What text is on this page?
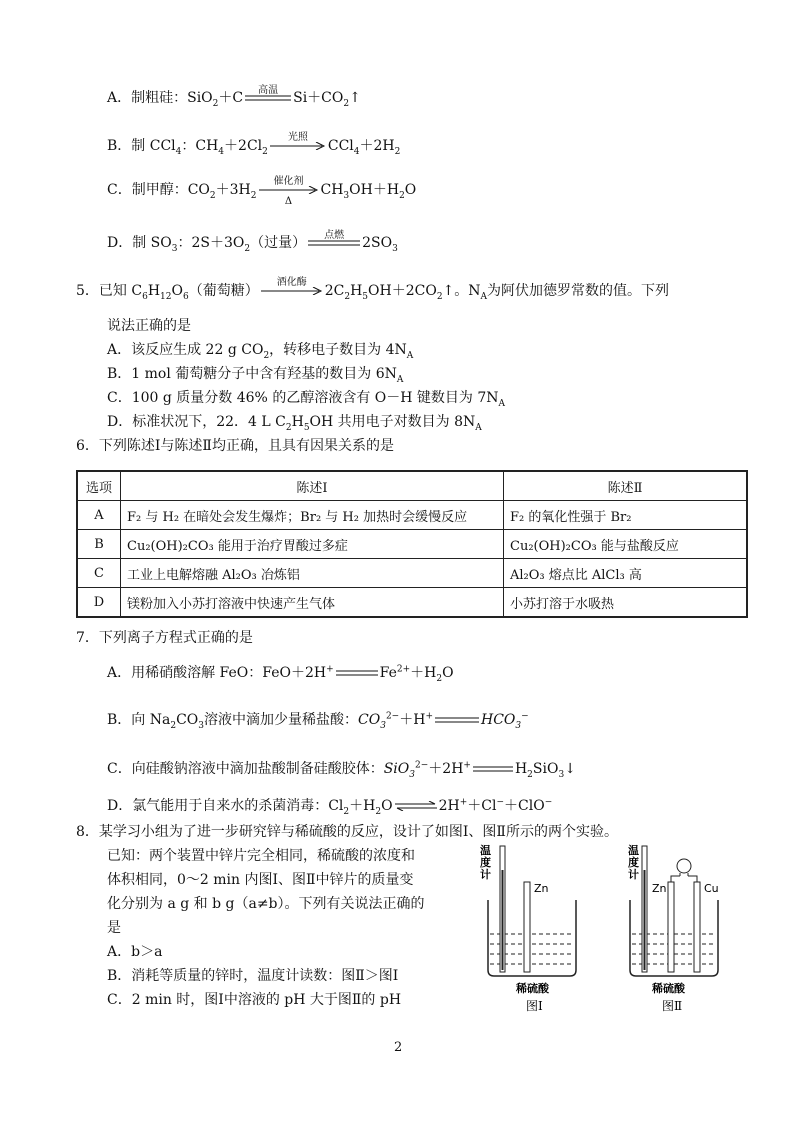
A．制粗硅：SiO$_2$＋C	高温	$Si+CO_2↑$
B．制 CCl$_4$：$CH_4+2Cl_2$
光照
$CCl_4+2H_2$
C．制甲醇：$CO_2+3H_2$
催化剂
Δ
$CH_3OH+H_2O$
D．制 $SO_3$：$2S+3O_2$（过量）	点燃	$2SO_3$
5．已知 $C_6H_{12}O_6$（葡萄糖）
酒化酶
$2C_2H_5OH+2CO_2↑$。$N_A$为阿伏加德罗常数的值。下列
说法正确的是
A．该反应生成 22 g $CO_2$，转移电子数目为 $4N_A$
B．1 mol 葡萄糖分子中含有羟基的数目为 $6N_A$
C．100 g 质量分数 46% 的乙醇溶液含有 O－H 键数目为 $7N_A$
D．标准状况下，22．4 L $C_2H_5OH$ 共用电子对数目为 $8N_A$
6．下列陈述Ⅰ与陈述Ⅱ均正确，且具有因果关系的是
选项	陈述Ⅰ	陈述Ⅱ
A	F₂ 与 H₂ 在暗处会发生爆炸；Br₂ 与 H₂ 加热时会缓慢反应	F₂ 的氧化性强于 Br₂
B	Cu₂(OH)₂CO₃ 能用于治疗胃酸过多症	Cu₂(OH)₂CO₃ 能与盐酸反应
C	工业上电解熔融 Al₂O₃ 冶炼铝	Al₂O₃ 熔点比 AlCl₃ 高
D	镁粉加入小苏打溶液中快速产生气体	小苏打溶于水吸热
7．下列离子方程式正确的是
A．用稀硝酸溶解 FeO：FeO＋2H+	$Fe^{2+}+H_2O$
B．向 $Na_2CO_3$溶液中滴加少量稀盐酸：$CO_3^{2-}+H^+$	$HCO_3^-$
C．向硅酸钠溶液中滴加盐酸制备硅酸胶体：SiO$_3^{2-}$＋2H+	$H_2SiO_3↓$
D．氯气能用于自来水的杀菌消毒：$Cl_2+H_2O$ ⇌ 2H+＋Cl−＋ClO−
8．某学习小组为了进一步研究锌与稀硫酸的反应，设计了如图Ⅰ、图Ⅱ所示的两个实验。
已知：两个装置中锌片完全相同，稀硫酸的浓度和
体积相同，0～2 min 内图Ⅰ、图Ⅱ中锌片的质量变
化分别为 a g 和 b g（a≠b）。下列有关说法正确的
是
A．b＞a
B．消耗等质量的锌时，温度计读数：图Ⅱ＞图Ⅰ
C．2 min 时，图Ⅰ中溶液的 pH 大于图Ⅱ的 pH
温度计
Zn
稀硫酸
图Ⅰ
温度计
Zn	Cu
稀硫酸
图Ⅱ
2
